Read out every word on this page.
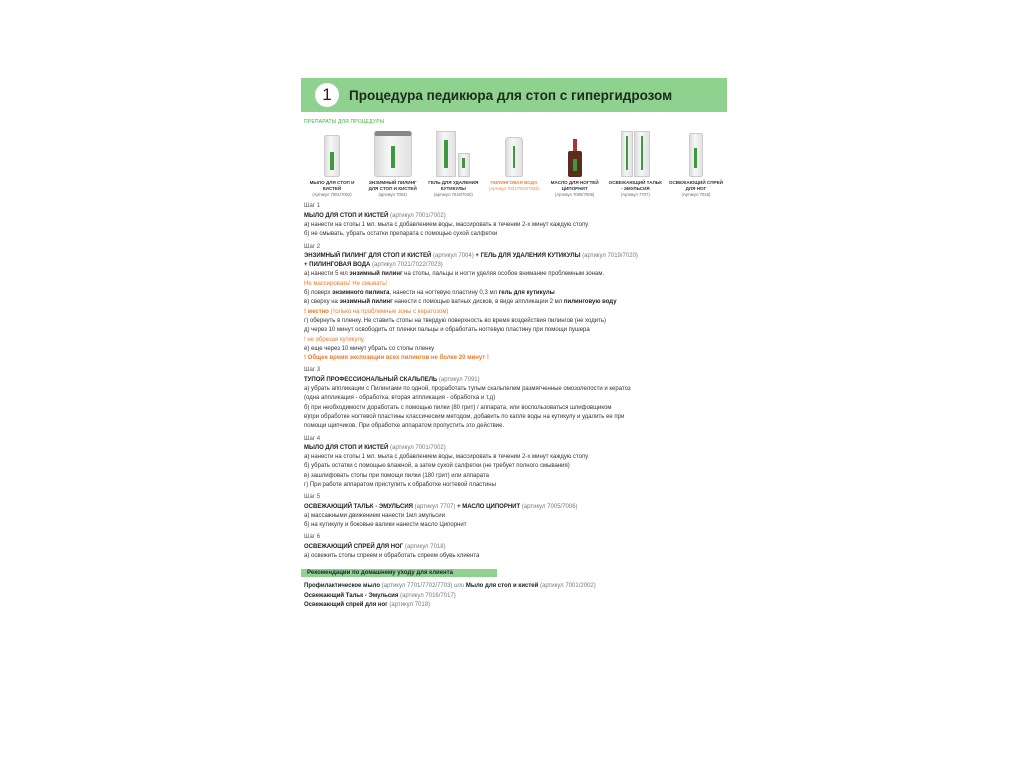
1	Процедура педикюра для стоп с гипергидрозом
ПРЕПАРАТЫ ДЛЯ ПРОЦЕДУРЫ
МЫЛО ДЛЯ СТОП И КИСТЕЙ
(Артикул 7001/7002)
ЭНЗИМНЫЙ ПИЛИНГ ДЛЯ СТОП И КИСТЕЙ
(артикул 7004)
ГЕЛЬ ДЛЯ УДАЛЕНИЯ КУТИКУЛЫ
(артикул 7019/7020)
ПИЛИНГОВАЯ ВОДА
(Артикул 7021/7022/7023)
МАСЛО ДЛЯ НОГТЕЙ ЦИПОРНИТ
(Артикул 7005/7006)
ОСВЕЖАЮЩИЙ ТАЛЬК - ЭМУЛЬСИЯ
(Артикул 7707)
ОСВЕЖАЮЩИЙ СПРЕЙ ДЛЯ НОГ
(Артикул 7018)
Шаг 1
МЫЛО ДЛЯ СТОП И КИСТЕЙ (артикул 7001/7002)
а) нанести на стопы 1 мл. мыла с добавлением воды, массировать в течении 2-х минут каждую стопу
б) не смывать, убрать остатки препарата с помощью сухой салфетки
Шаг 2
ЭНЗИМНЫЙ ПИЛИНГ ДЛЯ СТОП И КИСТЕЙ (артикул 7004) + ГЕЛЬ ДЛЯ УДАЛЕНИЯ КУТИКУЛЫ (артикул 7019/7020)
+ ПИЛИНГОВАЯ ВОДА (артикул 7021/7022/7023)
а) нанести 5 мл энзимный пилинг на стопы, пальцы и ногти уделяя особое внимание проблемным зонам.
Не массировать! Не смывать!
б) поверх энзимного пилинга, нанести на ногтевую пластину 0,3 мл гель для кутикулы
в) сверху на энзимный пилинг нанести с помощью ватных дисков, в виде аппликации 2 мл пилинговую воду
! местно (только на проблемные зоны с кератозом)
г) обернуть в пленку. Не ставить стопы на твердую поверхность во время воздействия пилингов (не ходить)
д) через 10 минут освободить от пленки пальцы и обработать ногтевую пластину при помощи пушера
! не обрезая кутикулу
е) еще через 10 минут убрать со стопы пленку
! Общее время экспозиции всех пилингов не более 20 минут !
Шаг 3
ТУПОЙ ПРОФЕССИОНАЛЬНЫЙ СКАЛЬПЕЛЬ (артикул 7091)
а) убрать аппликации с Пилингами по одной, проработать тупым скальпелем размягченные омозолелости и кератоз
(одна аппликация - обработка, вторая аппликация - обработка и т.д)
б) при необходимости доработать с помощью пилки (80 грит) / аппарата, или воспользоваться шлифовщиком
в)при обработке ногтевой пластины классическим методом, добавить по капле воды на кутикулу и удалить ее при
помощи щипчиков. При обработке аппаратом пропустить это действие.
Шаг 4
МЫЛО ДЛЯ СТОП И КИСТЕЙ (артикул 7001/7002)
а) нанести на стопы 1 мл. мыла с добавлением воды, массировать в течении 2-х минут каждую стопу
б) убрать остатки с помощью влажной, а затем сухой салфетки (не требует полного смывания)
в) зашлифовать стопы при помощи пилки (180 грит) или аппарата
г) При работе аппаратом приступить к обработке ногтевой пластины
Шаг 5
ОСВЕЖАЮЩИЙ ТАЛЬК - ЭМУЛЬСИЯ (артикул 7707) + МАСЛО ЦИПОРНИТ (артикул 7005/7006)
а) массажными движением нанести 1мл эмульсии
б) на кутикулу и боковые валики нанести масло Ципорнит
Шаг 6
ОСВЕЖАЮЩИЙ СПРЕЙ ДЛЯ НОГ (артикул 7018)
а) освежить стопы спреем и обработать спреем обувь клиента
Рекомендации по домашнему уходу для клиента
Профилактическое мыло (артикул 7701/7702/7703) или Мыло для стоп и кистей (артикул 7001/2002)
Освежающий Тальк - Эмульсия (артикул 7016/7017)
Освежающий спрей для ног (артикул 7018)
